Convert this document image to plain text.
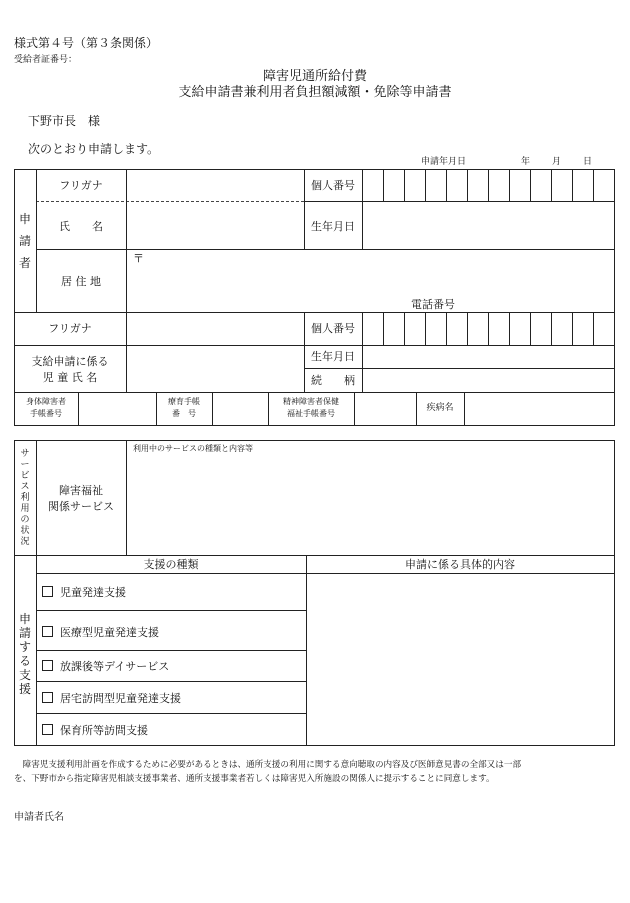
様式第４号（第３条関係）
受給者証番号：
障害児通所給付費
支給申請書兼利用者負担額減額・免除等申請書
下野市長　様
次のとおり申請します。
申請年月日	年 月 日
申
請
者
フリガナ
氏　　名
居 住 地
〒
電話番号
個人番号
生年月日
フリガナ
支給申請に係る
児 童 氏 名
個人番号
生年月日
続　　柄
身体障害者
手帳番号
療育手帳
番　号
精神障害者保健
福祉手帳番号
疾病名
サ
ー
ビ
ス
利
用
の
状
況
障害福祉
関係サービス
利用中のサービスの種類と内容等
申
請
す
る
支
援
支援の種類	申請に係る具体的内容
児童発達支援
医療型児童発達支援
放課後等デイサービス
居宅訪問型児童発達支援
保育所等訪問支援
　障害児支援利用計画を作成するために必要があるときは、通所支援の利用に関する意向聴取の内容及び医師意見書の全部又は一部
を、下野市から指定障害児相談支援事業者、通所支援事業者若しくは障害児入所施設の関係人に提示することに同意します。
申請者氏名
